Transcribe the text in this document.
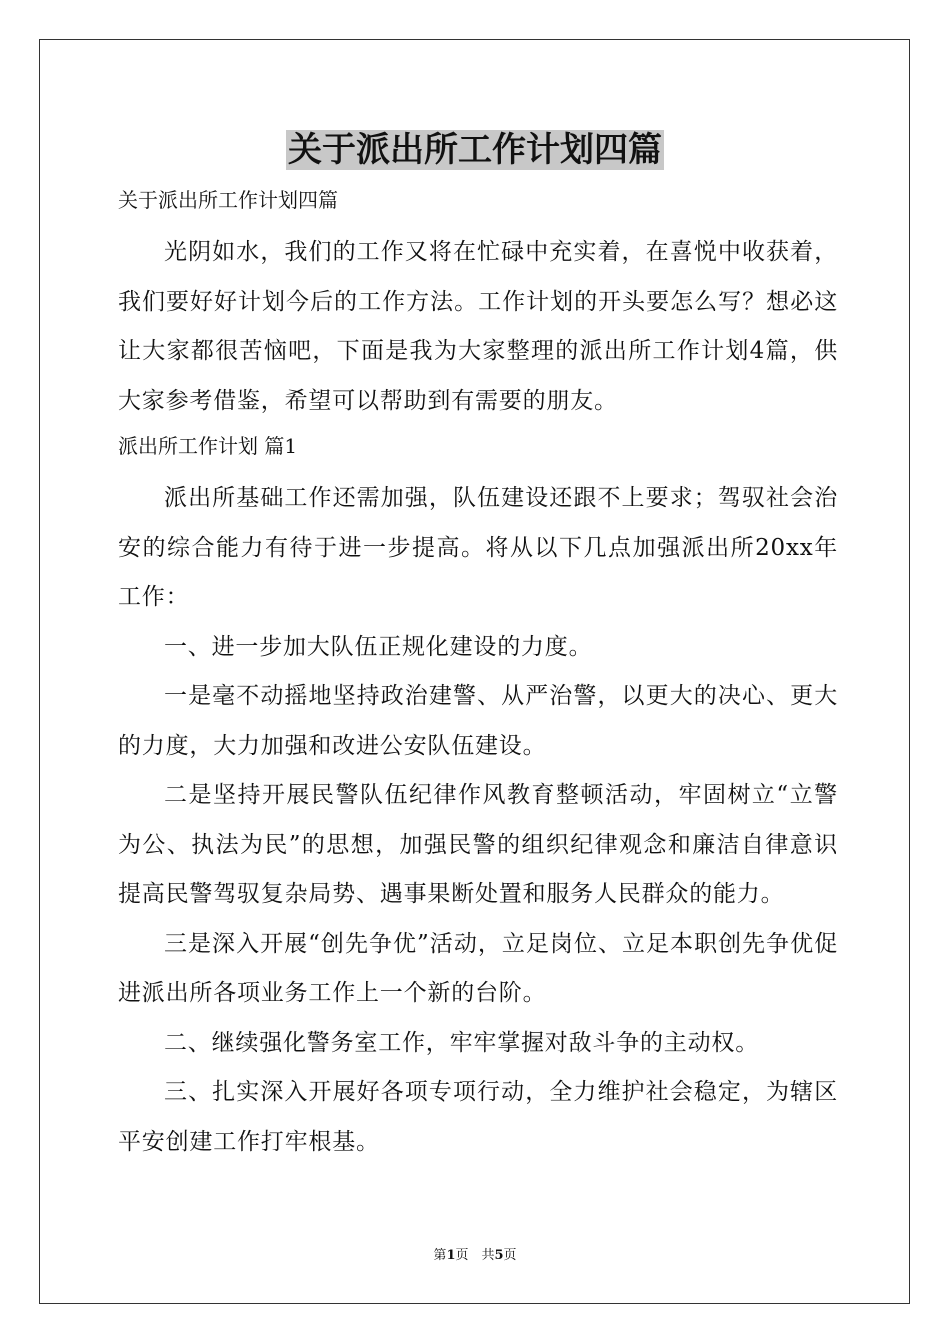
关于派出所工作计划四篇

关于派出所工作计划四篇

光阴如水，我们的工作又将在忙碌中充实着，在喜悦中收获着，我们要好好计划今后的工作方法。工作计划的开头要怎么写？想必这让大家都很苦恼吧，下面是我为大家整理的派出所工作计划4篇，供大家参考借鉴，希望可以帮助到有需要的朋友。

派出所工作计划 篇1

派出所基础工作还需加强，队伍建设还跟不上要求；驾驭社会治安的综合能力有待于进一步提高。将从以下几点加强派出所20xx年工作：

一、进一步加大队伍正规化建设的力度。

一是毫不动摇地坚持政治建警、从严治警，以更大的决心、更大的力度，大力加强和改进公安队伍建设。

二是坚持开展民警队伍纪律作风教育整顿活动，牢固树立“立警为公、执法为民”的思想，加强民警的组织纪律观念和廉洁自律意识提高民警驾驭复杂局势、遇事果断处置和服务人民群众的能力。

三是深入开展“创先争优”活动，立足岗位、立足本职创先争优促进派出所各项业务工作上一个新的台阶。

二、继续强化警务室工作，牢牢掌握对敌斗争的主动权。

三、扎实深入开展好各项专项行动，全力维护社会稳定，为辖区平安创建工作打牢根基。

第1页　共5页
